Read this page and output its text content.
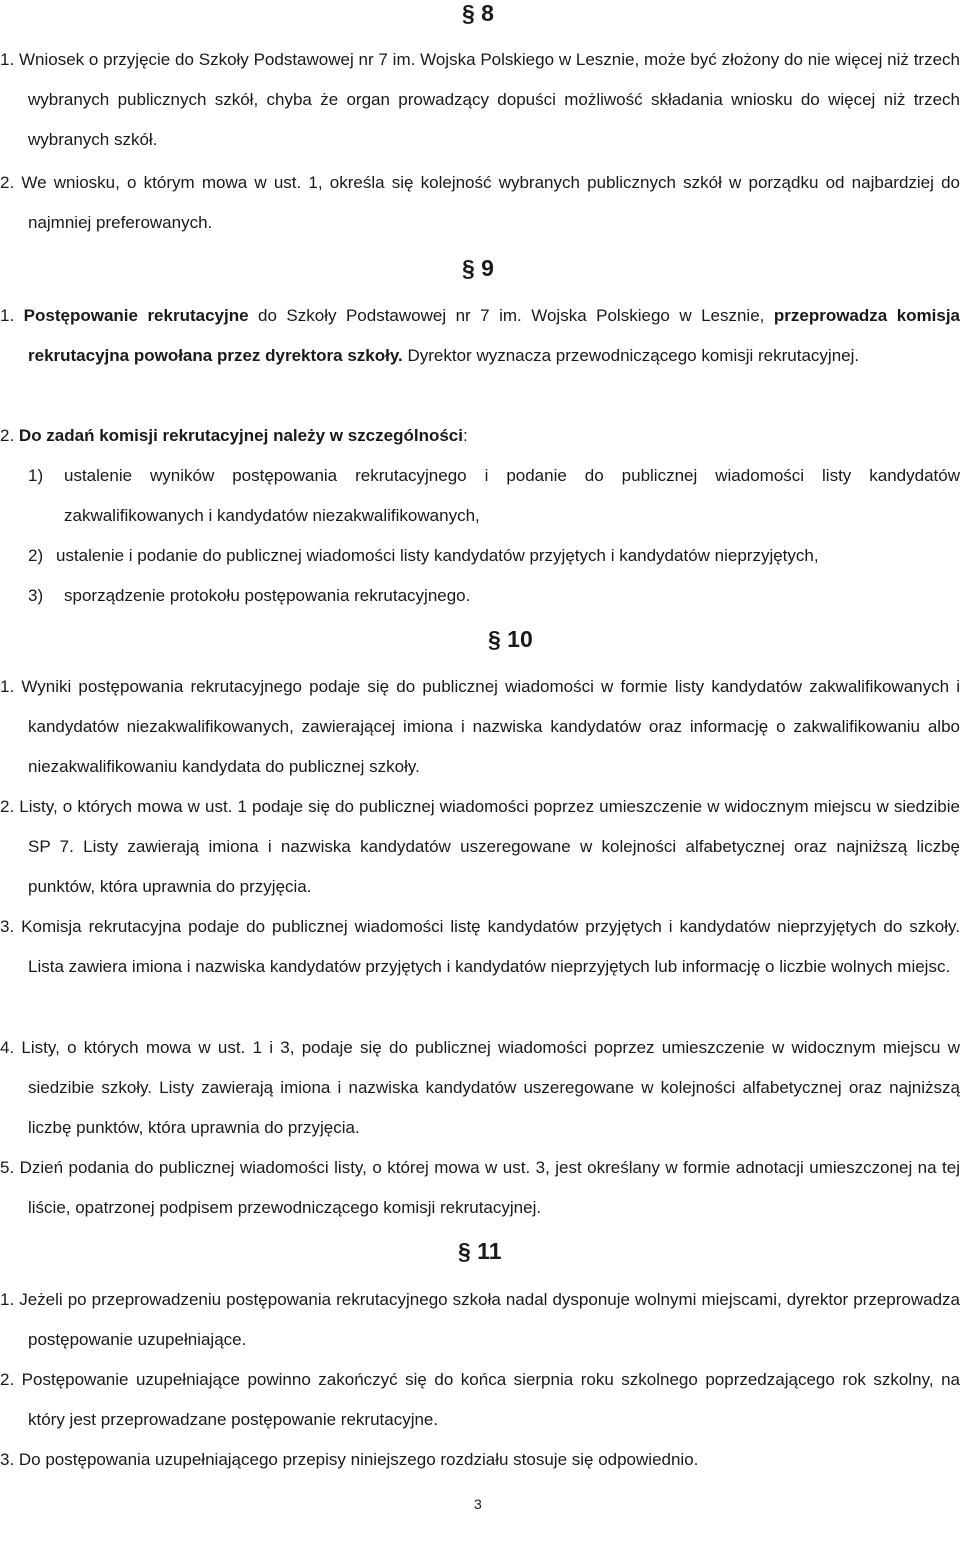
§ 8
1. Wniosek o przyjęcie do Szkoły Podstawowej nr 7 im. Wojska Polskiego w Lesznie, może być złożony do nie więcej niż trzech wybranych publicznych szkół, chyba że organ prowadzący dopuści możliwość składania wniosku do więcej niż trzech wybranych szkół.
2. We wniosku, o którym mowa w ust. 1, określa się kolejność wybranych publicznych szkół w porządku od najbardziej do najmniej preferowanych.
§ 9
1. Postępowanie rekrutacyjne do Szkoły Podstawowej nr 7 im. Wojska Polskiego w Lesznie, przeprowadza komisja rekrutacyjna powołana przez dyrektora szkoły. Dyrektor wyznacza przewodniczącego komisji rekrutacyjnej.
2. Do zadań komisji rekrutacyjnej należy w szczególności:
1)	ustalenie wyników postępowania rekrutacyjnego i podanie do publicznej wiadomości listy kandydatów zakwalifikowanych i kandydatów niezakwalifikowanych,
2) ustalenie i podanie do publicznej wiadomości listy kandydatów przyjętych i kandydatów nieprzyjętych,
3)	sporządzenie protokołu postępowania rekrutacyjnego.
§ 10
1. Wyniki postępowania rekrutacyjnego podaje się do publicznej wiadomości w formie listy kandydatów zakwalifikowanych i kandydatów niezakwalifikowanych, zawierającej imiona i nazwiska kandydatów oraz informację o zakwalifikowaniu albo niezakwalifikowaniu kandydata do publicznej szkoły.
2. Listy, o których mowa w ust. 1 podaje się do publicznej wiadomości poprzez umieszczenie w widocznym miejscu w siedzibie SP 7. Listy zawierają imiona i nazwiska kandydatów uszeregowane w kolejności alfabetycznej oraz najniższą liczbę punktów, która uprawnia do przyjęcia.
3. Komisja rekrutacyjna podaje do publicznej wiadomości listę kandydatów przyjętych i kandydatów nieprzyjętych do szkoły. Lista zawiera imiona i nazwiska kandydatów przyjętych i kandydatów nieprzyjętych lub informację o liczbie wolnych miejsc.
4. Listy, o których mowa w ust. 1 i 3, podaje się do publicznej wiadomości poprzez umieszczenie w widocznym miejscu w siedzibie szkoły. Listy zawierają imiona i nazwiska kandydatów uszeregowane w kolejności alfabetycznej oraz najniższą liczbę punktów, która uprawnia do przyjęcia.
5. Dzień podania do publicznej wiadomości listy, o której mowa w ust. 3, jest określany w formie adnotacji umieszczonej na tej liście, opatrzonej podpisem przewodniczącego komisji rekrutacyjnej.
§ 11
1. Jeżeli po przeprowadzeniu postępowania rekrutacyjnego szkoła nadal dysponuje wolnymi miejscami, dyrektor przeprowadza postępowanie uzupełniające.
2. Postępowanie uzupełniające powinno zakończyć się do końca sierpnia roku szkolnego poprzedzającego rok szkolny, na który jest przeprowadzane postępowanie rekrutacyjne.
3. Do postępowania uzupełniającego przepisy niniejszego rozdziału stosuje się odpowiednio.
3
